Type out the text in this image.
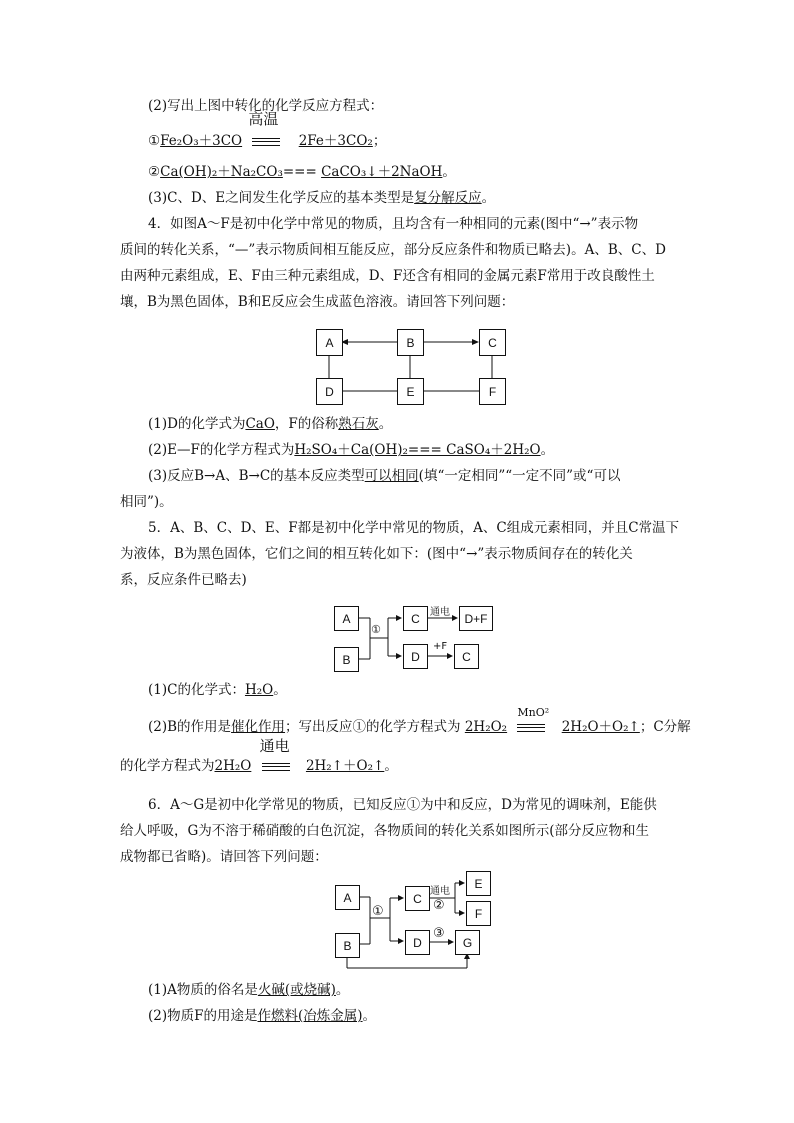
(2)写出上图中转化的化学反应方程式：
①Fe₂O₃＋3CO
高温
2Fe＋3CO₂；
②Ca(OH)₂＋Na₂CO₃=== CaCO₃↓＋2NaOH。
(3)C、D、E之间发生化学反应的基本类型是复分解反应。
4．如图A～F是初中化学中常见的物质，且均含有一种相同的元素(图中“→”表示物
质间的转化关系，“—”表示物质间相互能反应，部分反应条件和物质已略去)。A、B、C、D
由两种元素组成，E、F由三种元素组成，D、F还含有相同的金属元素F常用于改良酸性土
壤，B为黑色固体，B和E反应会生成蓝色溶液。请回答下列问题：
A	B	C
D	E	F
(1)D的化学式为CaO，F的俗称熟石灰。
(2)E—F的化学方程式为H₂SO₄＋Ca(OH)₂=== CaSO₄＋2H₂O。
(3)反应B→A、B→C的基本反应类型可以相同(填“一定相同”“一定不同”或“可以
相同”)。
5．A、B、C、D、E、F都是初中化学中常见的物质，A、C组成元素相同，并且C常温下
为液体，B为黑色固体，它们之间的相互转化如下：(图中“→”表示物质间存在的转化关
系，反应条件已略去)
A
B
C
D
D+F
C
①
通电
+F
(1)C的化学式：H₂O。
(2)B的作用是催化作用；写出反应①的化学方程式为 2H₂O₂
MnO²
2H₂O＋O₂↑；C分解
的化学方程式为2H₂O
通电
2H₂↑＋O₂↑。
6．A～G是初中化学常见的物质，已知反应①为中和反应，D为常见的调味剂，E能供
给人呼吸，G为不溶于稀硝酸的白色沉淀，各物质间的转化关系如图所示(部分反应物和生
成物都已省略)。请回答下列问题：
A
B
C
D
E
F
G
①	②
③
通电
(1)A物质的俗名是火碱(或烧碱)。
(2)物质F的用途是作燃料(冶炼金属)。
